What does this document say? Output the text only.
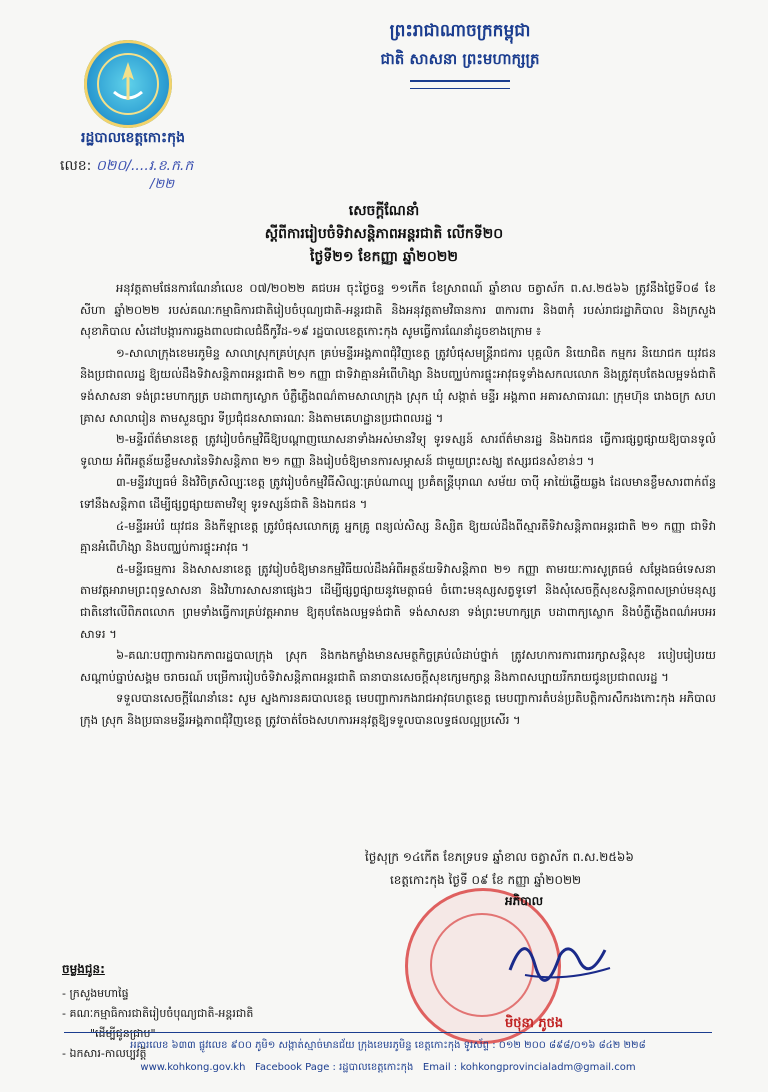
ព្រះរាជាណាចក្រកម្ពុជា
ជាតិ សាសនា ព្រះមហាក្សត្រ
រដ្ឋបាលខេត្តកោះកុង
លេខ: ០២០/....រ.ខ.ក.ក
/២២
សេចក្តីណែនាំ
ស្តីពីការរៀបចំទិវាសន្តិភាពអន្តរជាតិ លើកទី២០
ថ្ងៃទី២១ ខែកញ្ញា ឆ្នាំ២០២២

អនុវត្តតាមផែនការណែនាំលេខ ០៧/២០២២ គជបអ ចុះថ្ងៃចន្ទ ១១កើត ខែស្រាពណ៍ ឆ្នាំខាល ចត្វាស័ក ព.ស.២៥៦៦ ត្រូវនឹងថ្ងៃទី០៨ ខែសីហា ឆ្នាំ២០២២ របស់គណៈកម្មាធិការជាតិរៀបចំបុណ្យជាតិ-អន្តរជាតិ និងអនុវត្តតាមវិធានការ ៣ការពារ និង៣កុំ របស់រាជរដ្ឋាភិបាល និងក្រសួងសុខាភិបាល សំដៅបង្ការការឆ្លងពាលជាលជំងឺកូវីដ-១៩ រដ្ឋបាលខេត្តកោះកុង សូមធ្វើការណែនាំដូចខាងក្រោម ៖

១-សាលាក្រុងខេមរភូមិន្ទ សាលាស្រុកគ្រប់ស្រុក គ្រប់មន្ទីរអង្គភាពជុំវិញខេត្ត ត្រូវបំផុសមន្ត្រីរាជការ បុគ្គលិក និយោជិត កម្មករ និយោជក យុវជន និងប្រជាពលរដ្ឋ ឱ្យយល់ដឹងទិវាសន្តិភាពអន្តរជាតិ ២១ កញ្ញា ជាទិវាគ្មានអំពើហិង្សា និងបញ្ឈប់ការផ្ទុះអាវុធទូទាំងសកលលោក និងត្រូវតុបតែងលម្អទង់ជាតិ ទង់សាសនា ទង់ព្រះមហាក្សត្រ បដាពាក្យស្លោក បំភ្លឺភ្លើងពណ៌តាមសាលាក្រុង ស្រុក ឃុំ សង្កាត់ មន្ទីរ អង្គភាព អគារសាធារណៈ ក្រុមហ៊ុន រោងចក្រ សហគ្រាស សាលារៀន តាមសួនច្បារ ទីប្រជុំជនសាធារណៈ និងតាមគេហដ្ឋានប្រជាពលរដ្ឋ ។

២-មន្ទីរព័ត៌មានខេត្ត ត្រូវរៀបចំកម្មវិធីឱ្យបណ្តាញឃោសនាទាំងអស់មានវិទ្យុ ទូរទស្សន៍ សារព័ត៌មានរដ្ឋ និងឯកជន ធ្វើការផ្សព្វផ្សាយឱ្យបានទូលំទូលាយ អំពីអត្ថន័យខ្លឹមសារនៃទិវាសន្តិភាព ២១ កញ្ញា និងរៀបចំឱ្យមានការសម្ភាសន៍ ជាមួយព្រះសង្ឃ ឥស្សរជនសំខាន់ៗ ។

៣-មន្ទីរវប្បធម៌ និងវិចិត្រសិល្បៈខេត្ត ត្រូវរៀបចំកម្មវិធីសិល្បៈគ្រប់ណាល្បុ ប្រគំតន្ត្រីបុរាណ សម័យ ចាប៉ី អាយ៉ៃឆ្លើយឆ្លង ដែលមានខ្លឹមសារពាក់ព័ន្ធទៅនឹងសន្តិភាព ដើម្បីផ្សព្វផ្សាយតាមវិទ្យុ ទូរទស្សន៍ជាតិ និងឯកជន ។

៤-មន្ទីរអប់រំ យុវជន និងកីឡាខេត្ត ត្រូវបំផុសលោកគ្រូ អ្នកគ្រូ ពន្យល់សិស្ស និស្សិត ឱ្យយល់ដឹងពីស្មារតីទិវាសន្តិភាពអន្តរជាតិ ២១ កញ្ញា ជាទិវាគ្មានអំពើហិង្សា និងបញ្ឈប់ការផ្ទុះអាវុធ ។

៥-មន្ទីរធម្មការ និងសាសនាខេត្ត ត្រូវរៀបចំឱ្យមានកម្មវិធីយល់ដឹងអំពីអត្ថន័យទិវាសន្តិភាព ២១ កញ្ញា តាមរយៈការសូត្រធម៌ សម្តែងធម៌ទេសនា តាមវត្តអារាមព្រះពុទ្ធសាសនា និងវិហារសាសនាផ្សេងៗ ដើម្បីផ្សព្វផ្សាយនូវមេត្តាធម៌ ចំពោះមនុស្សសត្វទូទៅ និងសុំសេចក្តីសុខសន្តិភាពសម្រាប់មនុស្សជាតិនៅលើពិភពលោក ព្រមទាំងធ្វើការគ្រប់វត្តអារាម ឱ្យតុបតែងលម្អទង់ជាតិ ទង់សាសនា ទង់ព្រះមហាក្សត្រ បដាពាក្យស្លោក និងបំភ្លឺភ្លើងពណ៌អបអរសាទរ ។

៦-គណៈបញ្ជាការឯកភាពរដ្ឋបាលក្រុង ស្រុក និងកងកម្លាំងមានសមត្ថកិច្ចគ្រប់លំដាប់ថ្នាក់ ត្រូវសហការការពាររក្សាសន្តិសុខ របៀបរៀបរយ សណ្តាប់ធ្នាប់សង្គម ចរាចរណ៍ បម្រើការរៀបចំទិវាសន្តិភាពអន្តរជាតិ ធានាបានសេចក្តីសុខក្សេមក្សាន្ត និងភាពសប្បាយរីករាយជូនប្រជាពលរដ្ឋ ។

ទទួលបានសេចក្តីណែនាំនេះ សូម ស្នងការនគរបាលខេត្ត មេបញ្ជាការកងរាជអាវុធហត្ថខេត្ត មេបញ្ជាការតំបន់ប្រតិបត្តិការសឹករងកោះកុង អភិបាលក្រុង ស្រុក និងប្រធានមន្ទីរអង្គភាពជុំវិញខេត្ត ត្រូវចាត់ចែងសហការអនុវត្តឱ្យទទួលបានលទ្ធផលល្អប្រសើរ ។

ថ្ងៃសុក្រ ១៤កើត ខែភទ្របទ ឆ្នាំខាល ចត្វាស័ក ព.ស.២៥៦៦
ខេត្តកោះកុង ថ្ងៃទី ០៩ ខែ កញ្ញា ឆ្នាំ២០២២
អភិបាល
មិថុនា ភូថង
ចម្លងជូន:
- ក្រសួងមហាផ្ទៃ
- គណៈកម្មាធិការជាតិរៀបចំបុណ្យជាតិ-អន្តរជាតិ
"ដើម្បីជូនជ្រាប"
- ឯកសារ-កាលប្បវត្តិ
អគារលេខ ៦៣៣ ផ្លូវលេខ ៩០០ ភូមិ១ សង្កាត់ស្មាច់មានជ័យ ក្រុងខេមរភូមិន្ទ ខេត្តកោះកុង ទូរស័ព្ទ : ០១២ ២០០ ៨៩៨/០១៦ ៨៤២ ២២៨
www.kohkong.gov.kh Facebook Page : រដ្ឋបាលខេត្តកោះកុង Email : kohkongprovincialadm@gmail.com
